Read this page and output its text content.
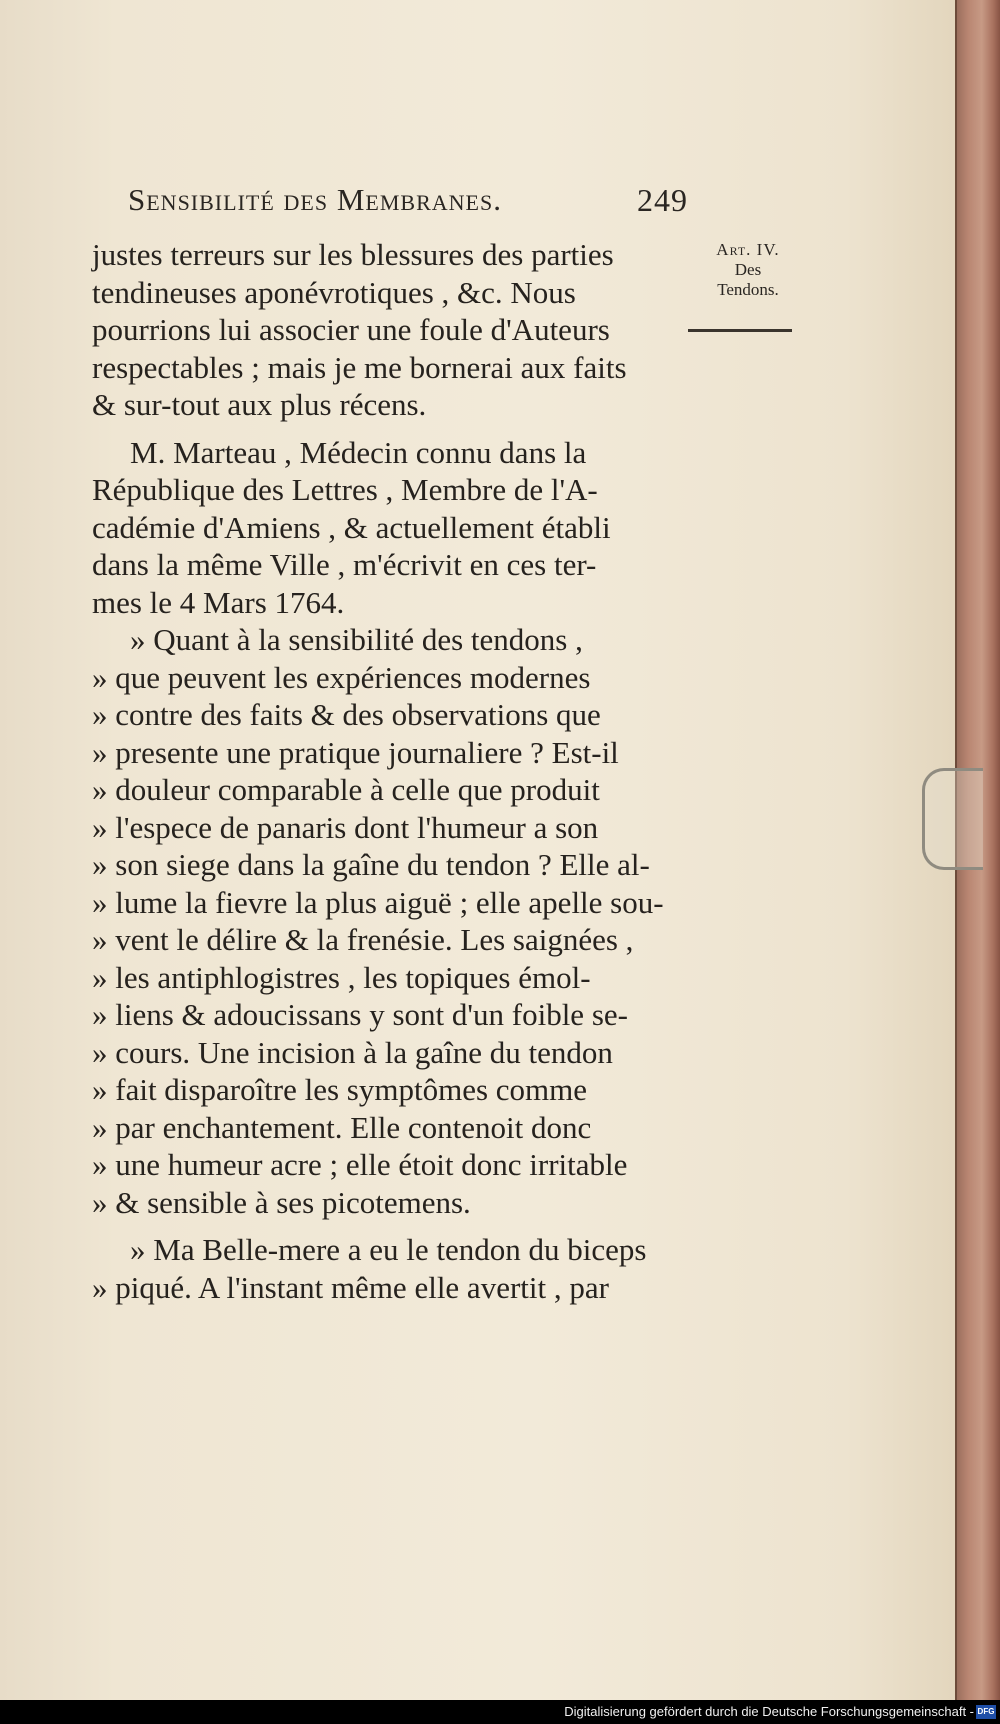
Sensibilité des Membranes.	249
Art. IV.
Des
Tendons.
justes terreurs sur les blessures des parties
tendineuses aponévrotiques , &c. Nous
pourrions lui associer une foule d'Auteurs
respectables ; mais je me bornerai aux faits
& sur-tout aux plus récens.
M. Marteau , Médecin connu dans la
République des Lettres , Membre de l'A-
cadémie d'Amiens , & actuellement établi
dans la même Ville , m'écrivit en ces ter-
mes le 4 Mars 1764.
» Quant à la sensibilité des tendons ,
» que peuvent les expériences modernes
» contre des faits & des observations que
» presente une pratique journaliere ? Est-il
» douleur comparable à celle que produit
» l'espece de panaris dont l'humeur a son
» son siege dans la gaîne du tendon ? Elle al-
» lume la fievre la plus aiguë ; elle apelle sou-
» vent le délire & la frenésie. Les saignées ,
» les antiphlogistres , les topiques émol-
» liens & adoucissans y sont d'un foible se-
» cours. Une incision à la gaîne du tendon
» fait disparoître les symptômes comme
» par enchantement. Elle contenoit donc
» une humeur acre ; elle étoit donc irritable
» & sensible à ses picotemens.
» Ma Belle-mere a eu le tendon du biceps
» piqué. A l'instant même elle avertit , par
Digitalisierung gefördert durch die Deutsche Forschungsgemeinschaft - DFG
